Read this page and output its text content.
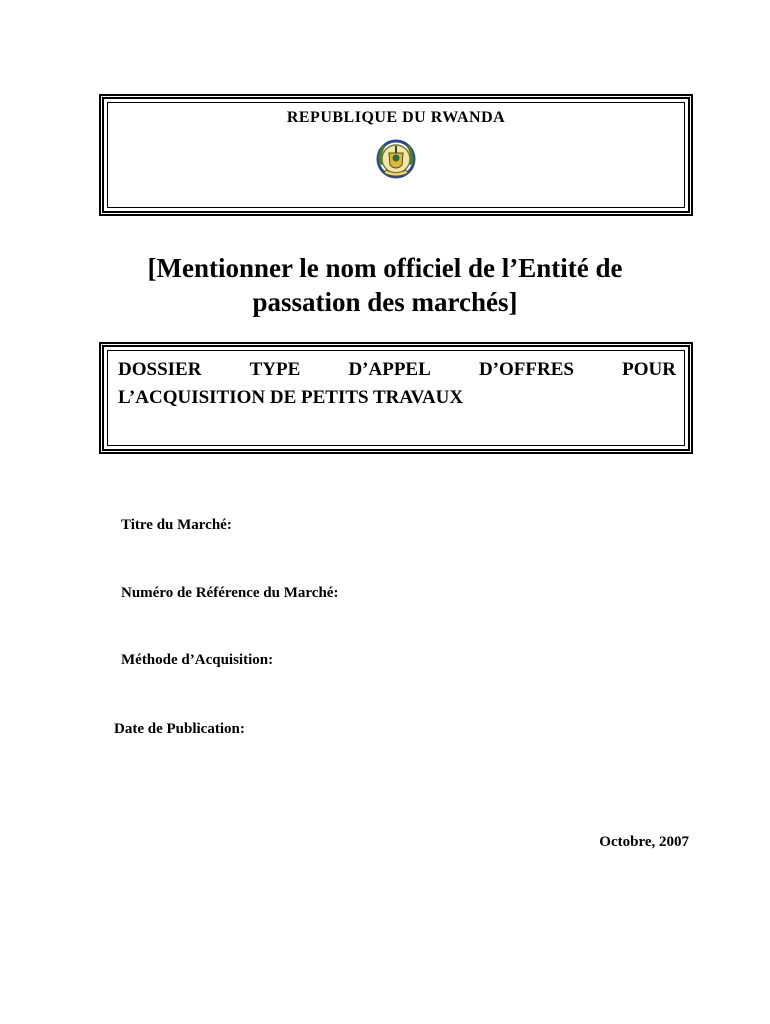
REPUBLIQUE DU RWANDA
[Mentionner le nom officiel de l’Entité de
passation des marchés]
DOSSIER	TYPE	D’APPEL	D’OFFRES	POUR
L’ACQUISITION DE PETITS TRAVAUX
Titre du Marché:
Numéro de Référence du Marché:
Méthode d’Acquisition:
Date de Publication:
Octobre, 2007
